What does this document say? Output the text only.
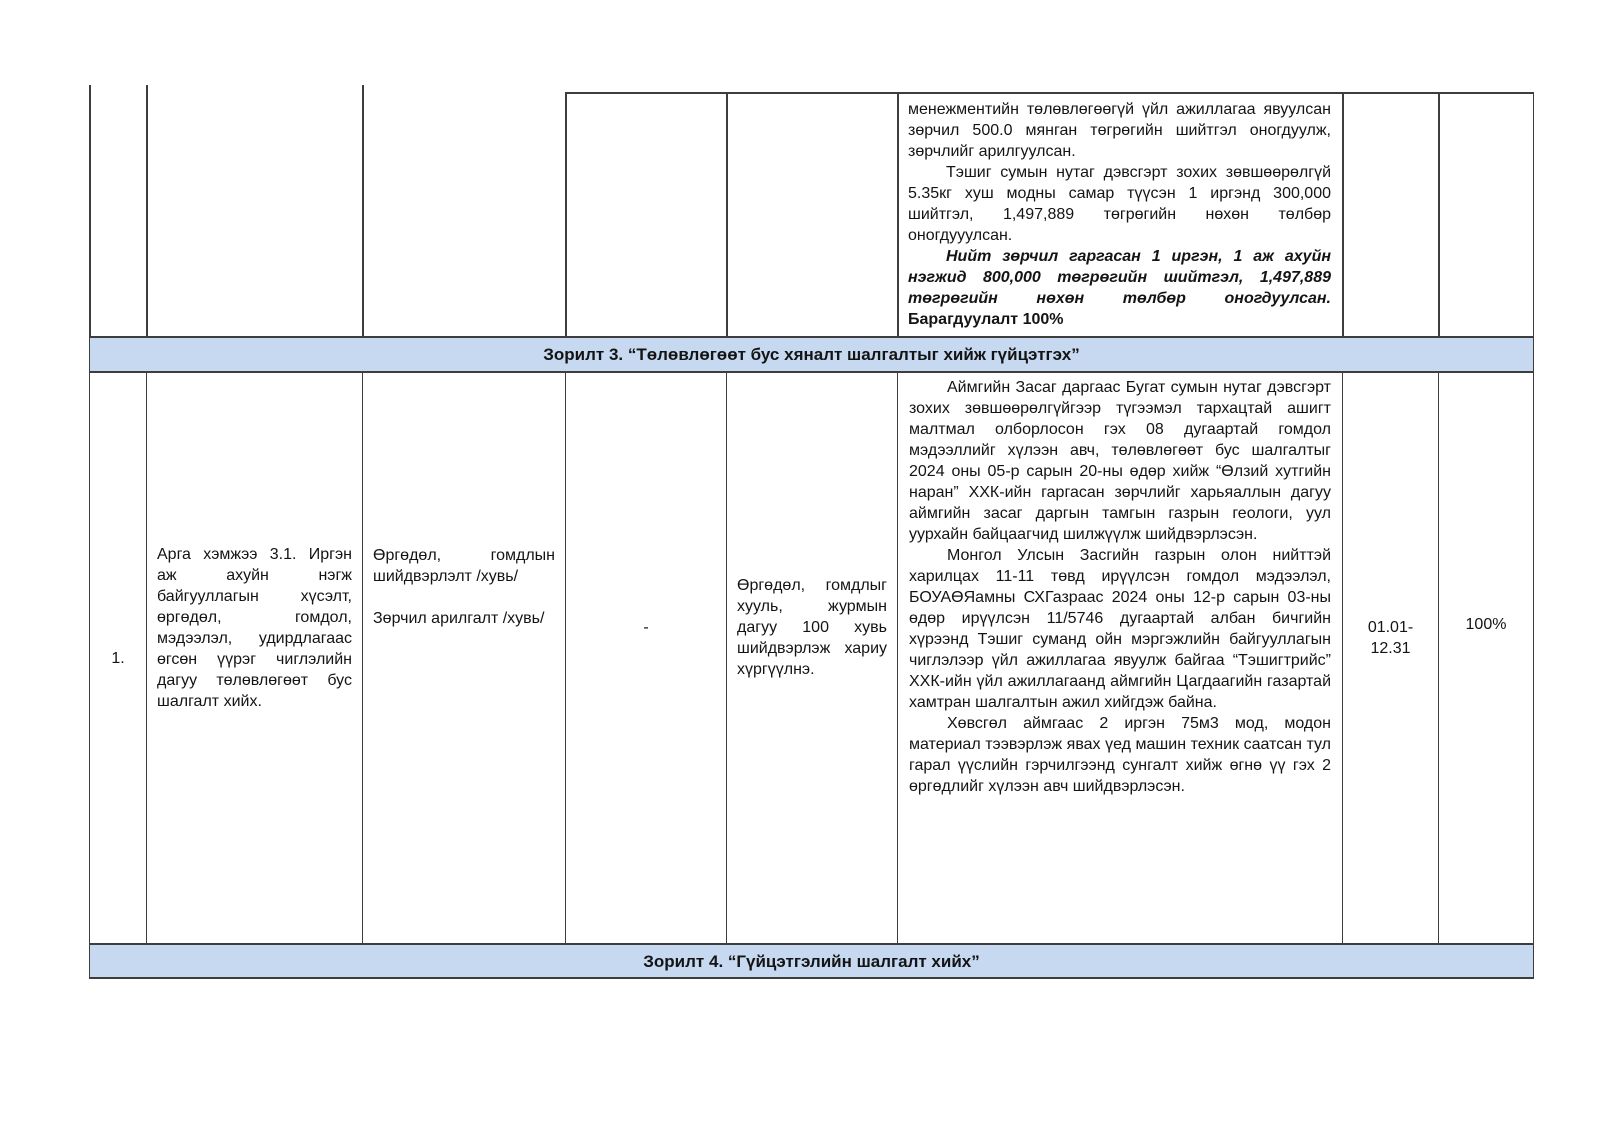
менежментийн төлөвлөгөөгүй үйл ажиллагаа явуулсан зөрчил 500.0 мянган төгрөгийн шийтгэл оногдуулж, зөрчлийг арилгуулсан.

Тэшиг сумын нутаг дэвсгэрт зохих зөвшөөрөлгүй 5.35кг хуш модны самар түүсэн 1 иргэнд 300,000 шийтгэл, 1,497,889 төгрөгийн нөхөн төлбөр оногдууулсан.

Нийт зөрчил гаргасан 1 иргэн, 1 аж ахуйн нэгжид 800,000 төгрөгийн шийтгэл, 1,497,889 төгрөгийн нөхөн төлбөр оногдуулсан. Барагдуулалт 100%

Зорилт 3. “Төлөвлөгөөт бус хяналт шалгалтыг хийж гүйцэтгэх”
1.

Арга хэмжээ 3.1. Иргэн аж ахуйн нэгж байгууллагын хүсэлт, өргөдөл, гомдол, мэдээлэл, удирдлагаас өгсөн үүрэг чиглэлийн дагуу төлөвлөгөөт бус шалгалт хийх.

Өргөдөл, гомдлын шийдвэрлэлт /хувь/

Зөрчил арилгалт /хувь/	-

Өргөдөл, гомдлыг хууль, журмын дагуу 100 хувь шийдвэрлэж хариу хүргүүлнэ.

Аймгийн Засаг даргаас Бугат сумын нутаг дэвсгэрт зохих зөвшөөрөлгүйгээр түгээмэл тархацтай ашигт малтмал олборлосон гэх 08 дугаартай гомдол мэдээллийг хүлээн авч, төлөвлөгөөт бус шалгалтыг 2024 оны 05-р сарын 20-ны өдөр хийж “Өлзий хутгийн наран” ХХК-ийн гаргасан зөрчлийг харьяаллын дагуу аймгийн засаг даргын тамгын газрын геологи, уул уурхайн байцаагчид шилжүүлж шийдвэрлэсэн.

Монгол Улсын Засгийн газрын олон нийттэй харилцах 11-11 төвд ирүүлсэн гомдол мэдээлэл, БОУАӨЯамны СХГазраас 2024 оны 12-р сарын 03-ны өдөр ирүүлсэн 11/5746 дугаартай албан бичгийн хүрээнд Тэшиг суманд ойн мэргэжлийн байгууллагын чиглэлээр үйл ажиллагаа явуулж байгаа “Тэшигтрийс” ХХК-ийн үйл ажиллагаанд аймгийн Цагдаагийн газартай хамтран шалгалтын ажил хийгдэж байна.

Хөвсгөл аймгаас 2 иргэн 75м3 мод, модон материал тээвэрлэж явах үед машин техник саатсан тул гарал үүслийн гэрчилгээнд сунгалт хийж өгнө үү гэх 2 өргөдлийг хүлээн авч шийдвэрлэсэн.

01.01-
12.31
100%
Зорилт 4. “Гүйцэтгэлийн шалгалт хийх”
